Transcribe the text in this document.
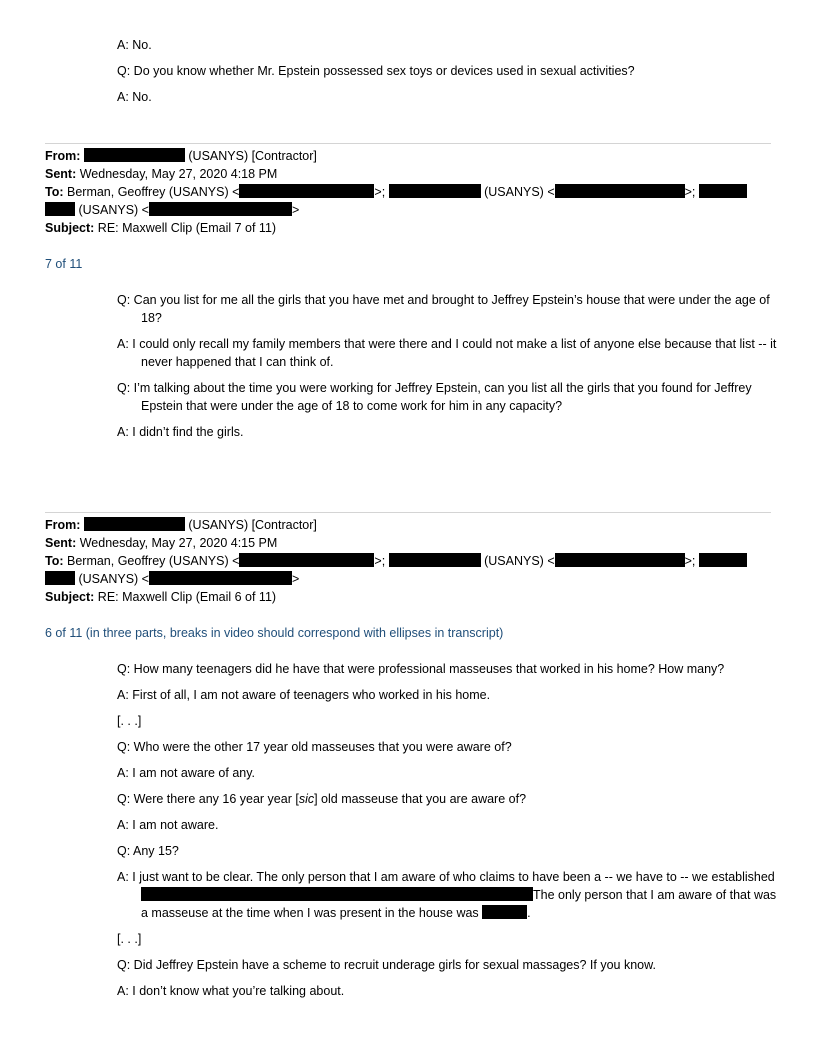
A: No.

Q: Do you know whether Mr. Epstein possessed sex toys or devices used in sexual activities?

A: No.

From:	(USANYS) [Contractor]
Sent: Wednesday, May 27, 2020 4:18 PM
To: Berman, Geoffrey (USANYS) <	>;	(USANYS) <	>;
(USANYS) <	>
Subject: RE: Maxwell Clip (Email 7 of 11)
7 of 11

Q: Can you list for me all the girls that you have met and brought to Jeffrey Epstein’s house that were under the age of 18?

A: I could only recall my family members that were there and I could not make a list of anyone else because that list -- it never happened that I can think of.

Q: I’m talking about the time you were working for Jeffrey Epstein, can you list all the girls that you found for Jeffrey Epstein that were under the age of 18 to come work for him in any capacity?

A: I didn’t find the girls.

From:	(USANYS) [Contractor]
Sent: Wednesday, May 27, 2020 4:15 PM
To: Berman, Geoffrey (USANYS) <	>;	(USANYS) <	>;
(USANYS) <	>
Subject: RE: Maxwell Clip (Email 6 of 11)
6 of 11 (in three parts, breaks in video should correspond with ellipses in transcript)

Q: How many teenagers did he have that were professional masseuses that worked in his home? How many?

A: First of all, I am not aware of teenagers who worked in his home.

[. . .]

Q: Who were the other 17 year old masseuses that you were aware of?

A: I am not aware of any.

Q: Were there any 16 year year [sic] old masseuse that you are aware of?

A: I am not aware.

Q: Any 15?

A: I just want to be clear. The only person that I am aware of who claims to have been a -- we have to -- we established The only person that I am aware of that was a masseuse at the time when I was present in the house was	.

[. . .]

Q: Did Jeffrey Epstein have a scheme to recruit underage girls for sexual massages? If you know.

A: I don’t know what you’re talking about.
